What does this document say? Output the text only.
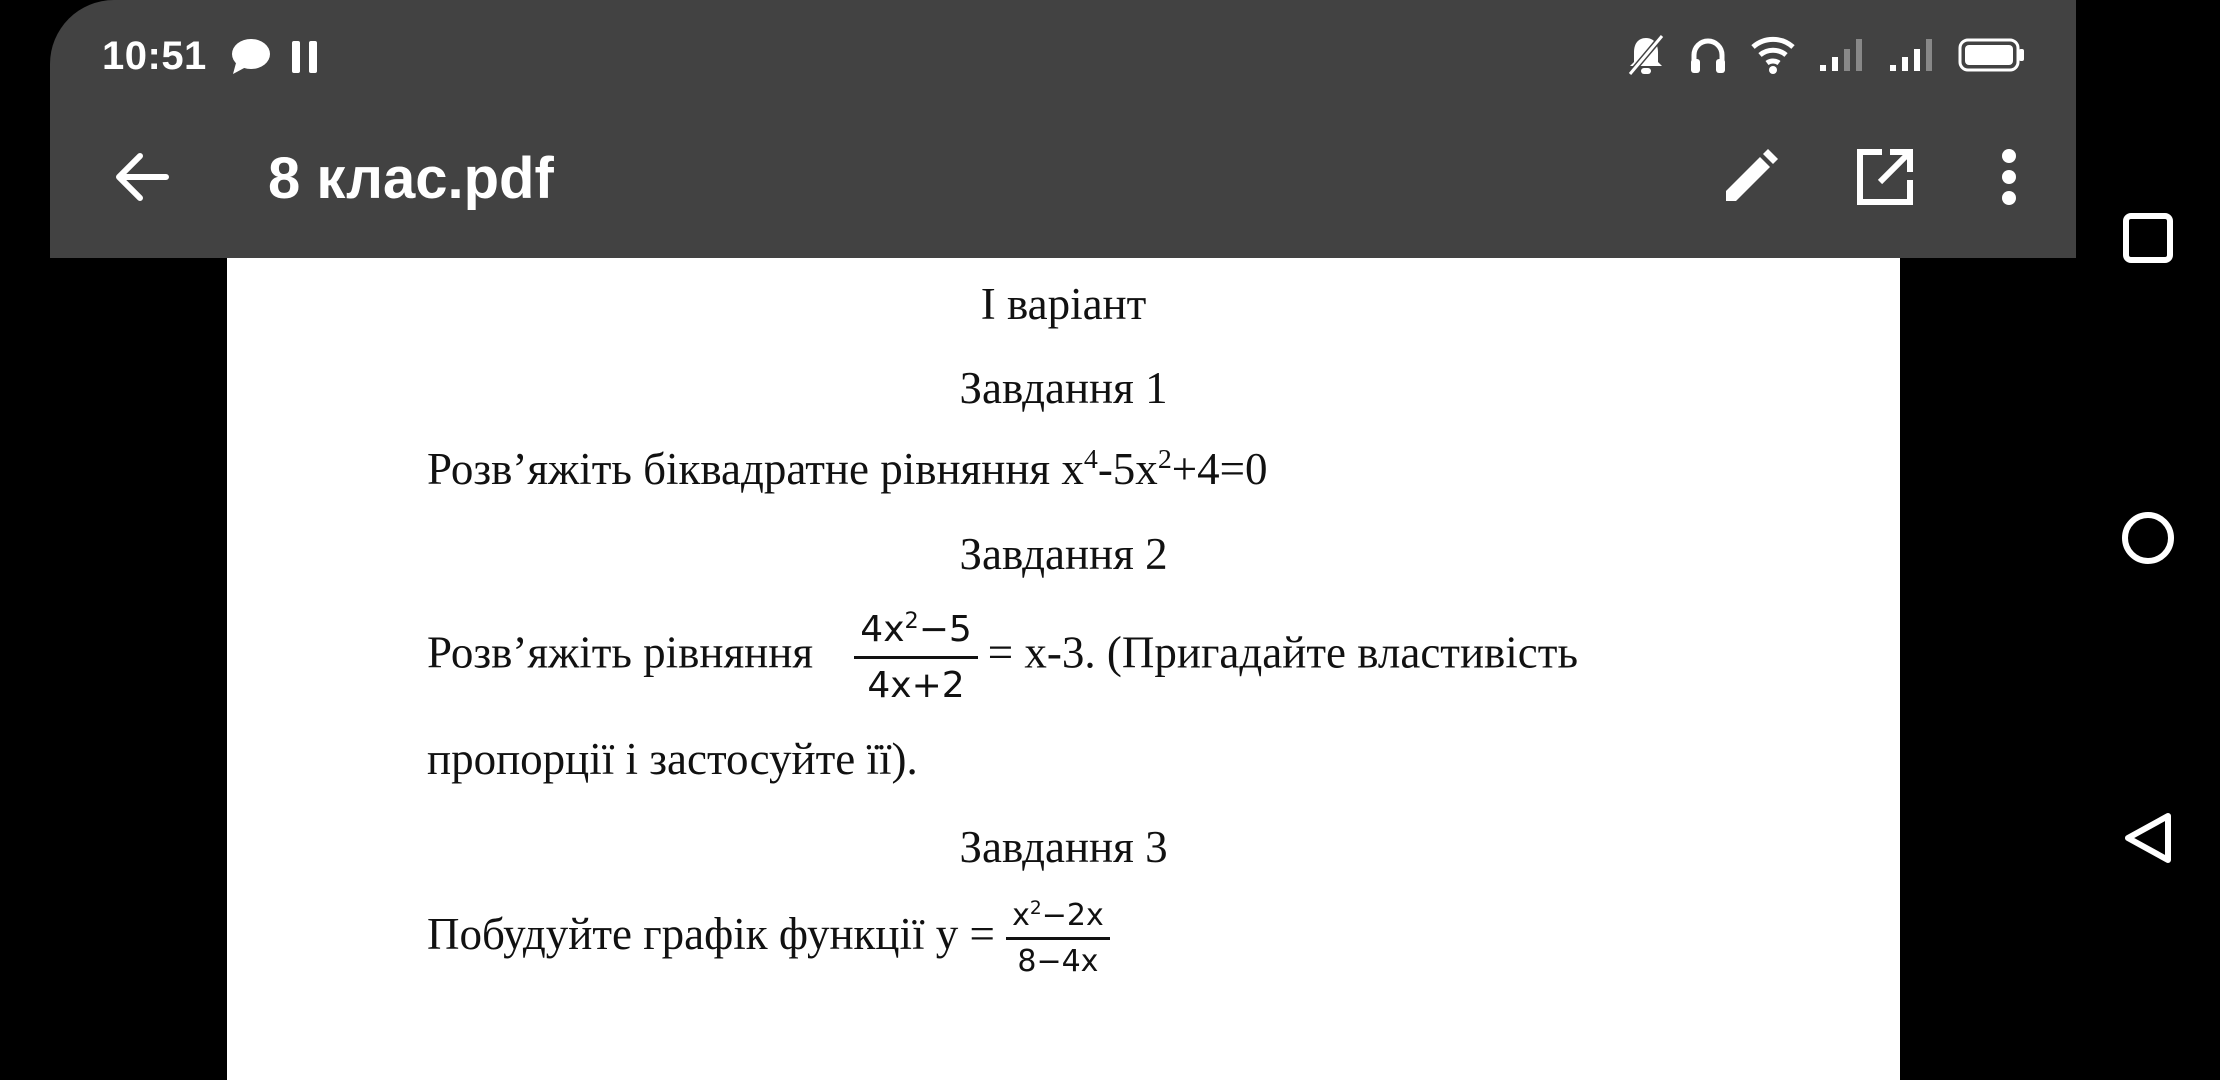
10:51
8 клас.pdf
I варіант
Завдання 1
Розв’яжіть біквадратне рівняння $x^4-5x^2+4=0$
Завдання 2
Розв’яжіть рівняння $\frac{4x^2-5}{4x+2} = x-3$. (Пригадайте властивість
пропорції і застосуйте її).
Завдання 3
Побудуйте графік функції $y = \frac{x^2-2x}{8-4x}$
